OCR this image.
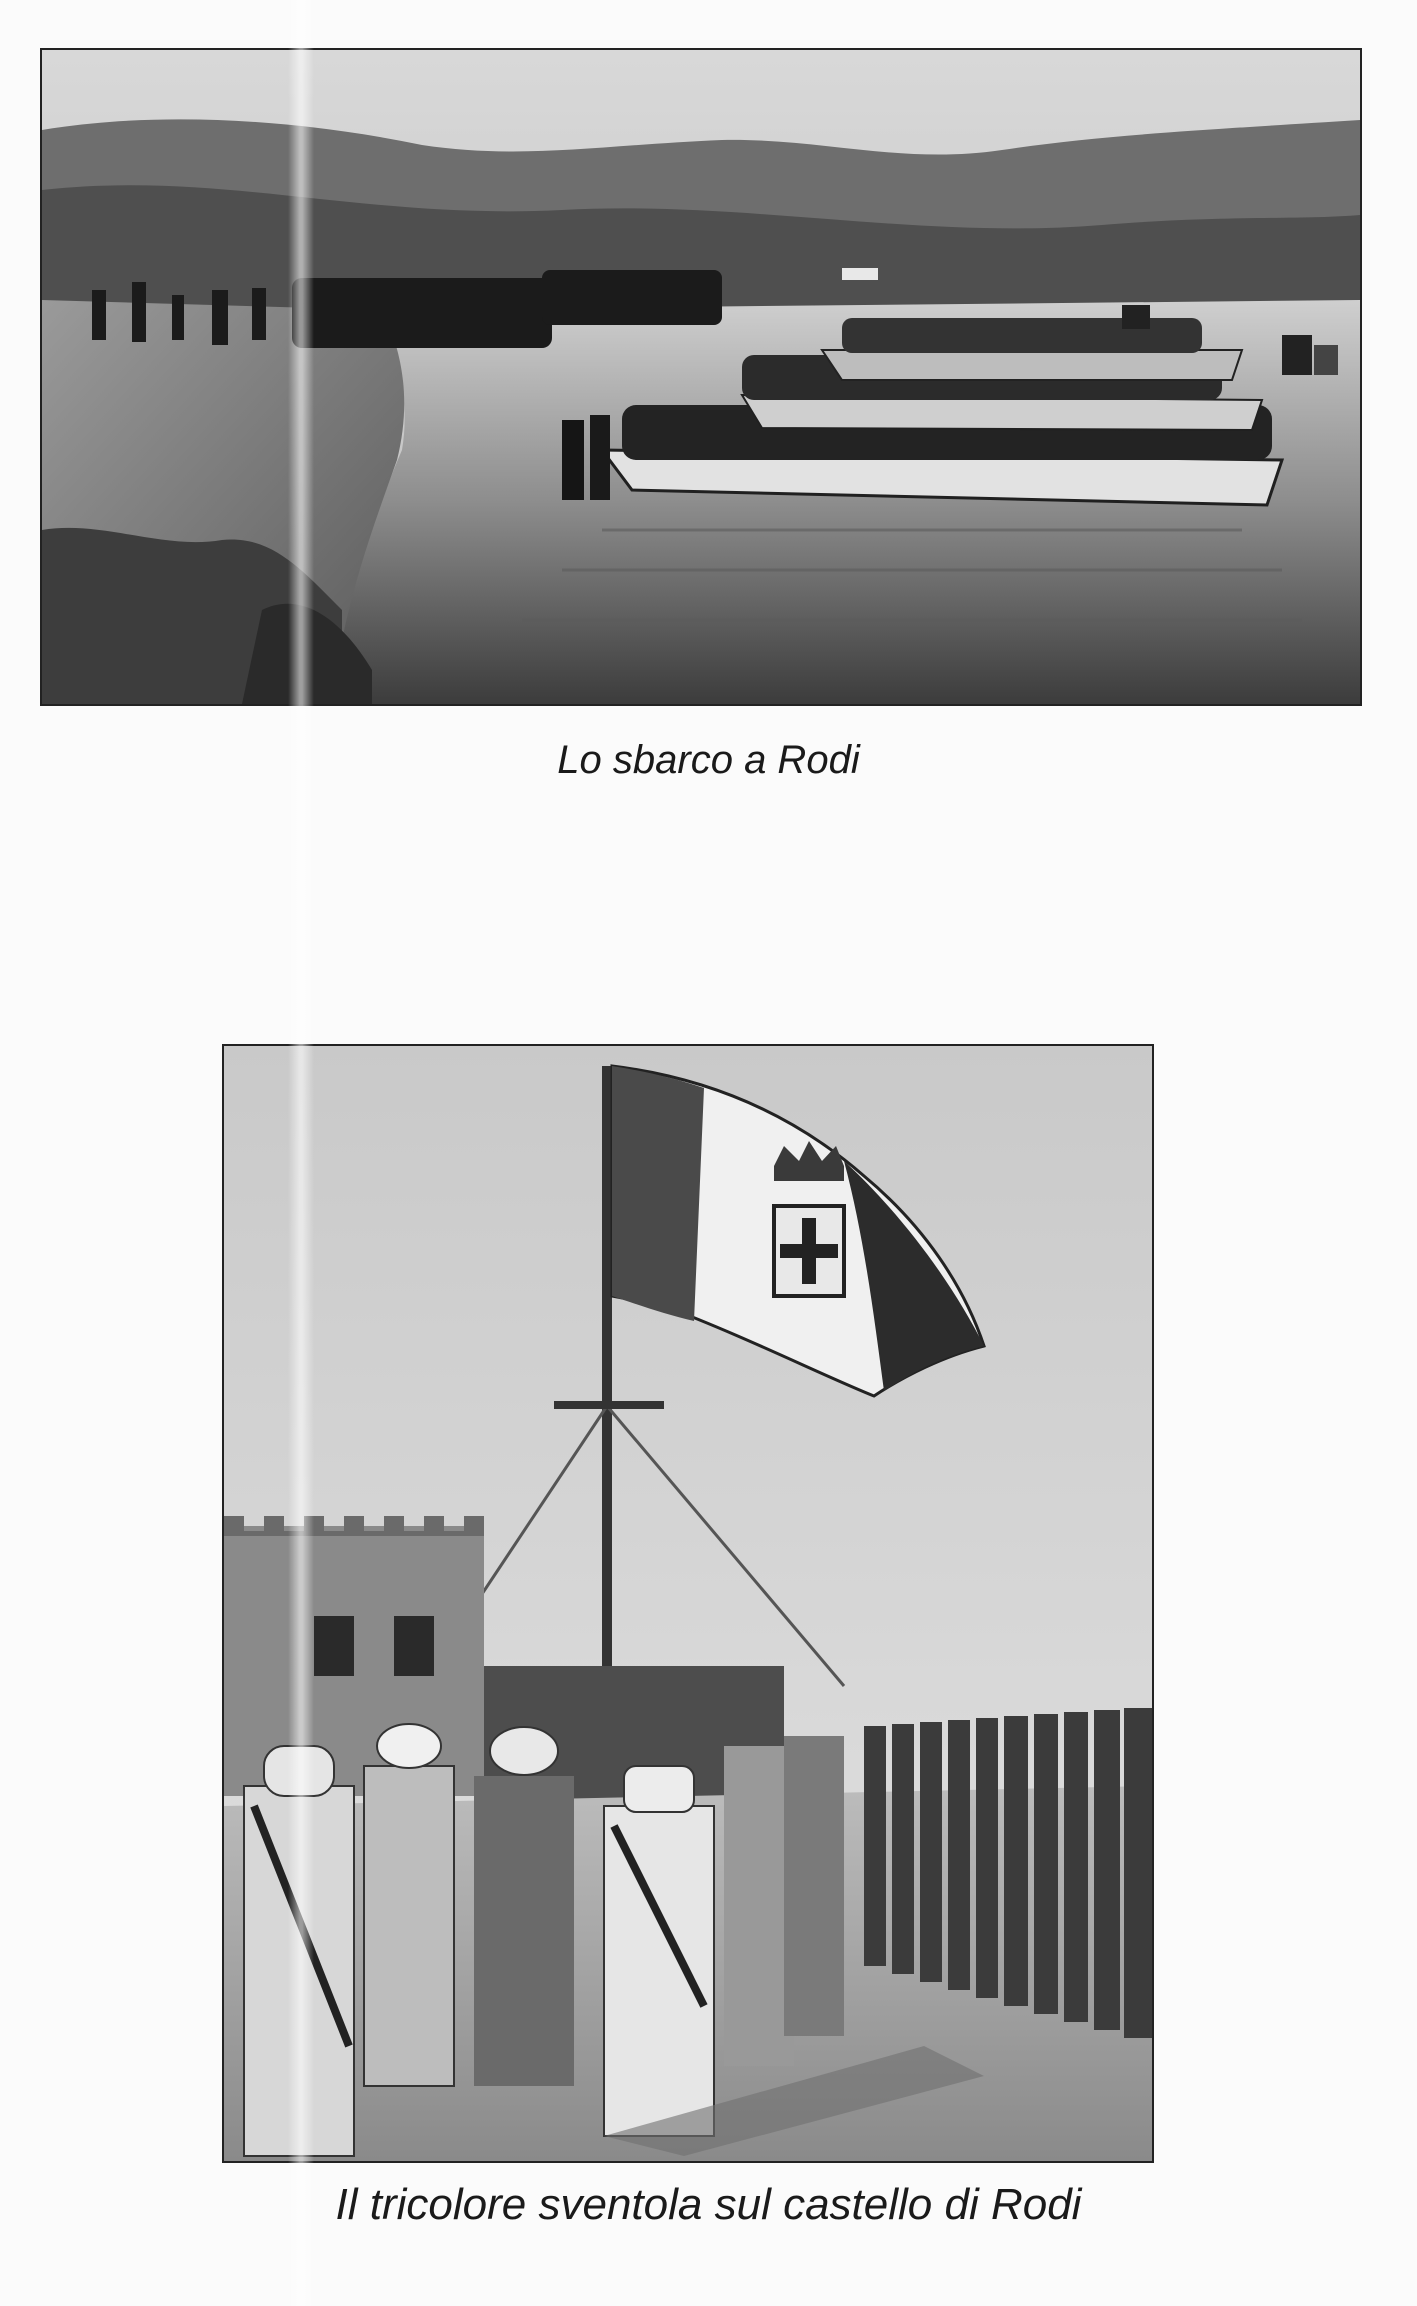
Lo sbarco a Rodi
Il tricolore sventola sul castello di Rodi
